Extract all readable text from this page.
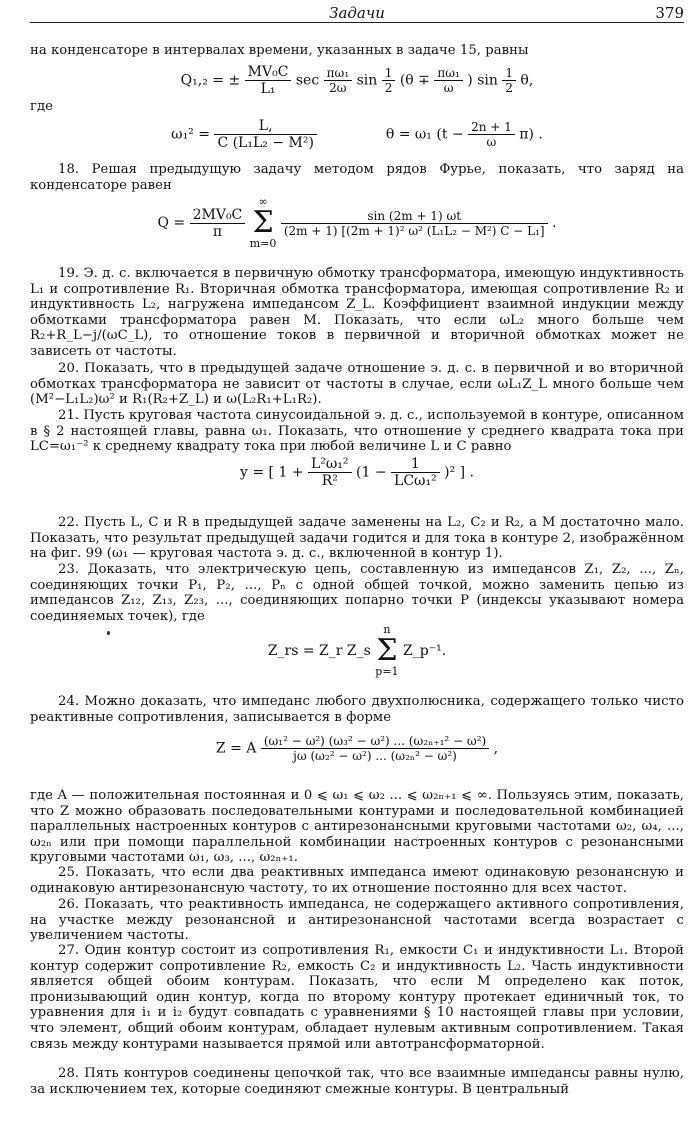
Задачи	379

на конденсаторе в интервалах времени, указанных в задаче 15, равны

Q₁,₂ = ± $\frac{\text{MV₀C}}{\text{L₁}}$ $\sec \frac{\text{πω₁}}{2\omega}$ $\sin \frac{1}{2} (\theta \mp \frac{\text{πω₁}}{\omega}$ ) $\sin \frac{1}{2} \theta$,

где

$\omega_1^2 = \frac{L,}{\text{C (L₁L₂ − M²)}}$	θ = ω₁ $(t - \frac{2n + 1}{\omega} \pi)$ .

18. Решая предыдущую задачу методом рядов Фурье, показать, что заряд на конденсаторе равен

$Q = \frac{\text{2MV₀C}}{\pi}$
∞
Σ
m=0
$\frac{\sin (2m + 1) \omega t}{\text{(2m + 1) [(2m + 1)² ω² (L₁L₂ − M²) C − L₁]}}$ .

19. Э. д. с. включается в первичную обмотку трансформатора, имеющую индуктивность L₁ и сопротивление R₁. Вторичная обмотка трансформатора, имеющая сопротивление R₂ и индуктивность L₂, нагружена импедансом Z_L. Коэффициент взаимной индукции между обмотками трансформатора равен M. Показать, что если ωL₂ много больше чем R₂+R_L−j/(ωC_L), то отношение токов в первичной и вторичной обмотках может не зависеть от частоты.

20. Показать, что в предыдущей задаче отношение э. д. с. в первичной и во вторичной обмотках трансформатора не зависит от частоты в случае, если ωL₁Z_L много больше чем (M²−L₁L₂)ω² и R₁(R₂+Z_L) и ω(L₂R₁+L₁R₂).

21. Пусть круговая частота синусоидальной э. д. с., используемой в контуре, описанном в § 2 настоящей главы, равна ω₁. Показать, что отношение y среднего квадрата тока при LC=ω₁⁻² к среднему квадрату тока при любой величине L и C равно

y = [ $1 + \frac{\text{L²ω₁²}}{\text{R²}} (1 - \frac{1}{\text{LCω₁²}} )^2$ ] .

22. Пусть L, C и R в предыдущей задаче заменены на L₂, C₂ и R₂, а M достаточно мало. Показать, что результат предыдущей задачи годится и для тока в контуре 2, изображённом на фиг. 99 (ω₁ — круговая частота э. д. с., включенной в контур 1).

23. Доказать, что электрическую цепь, составленную из импедансов Z₁, Z₂, ..., Zₙ, соединяющих точки P₁, P₂, ..., Pₙ с одной общей точкой, можно заменить цепью из импедансов Z₁₂, Z₁₃, Z₂₃, ..., соединяющих попарно точки P (индексы указывают номера соединяемых точек), где

Z_rs = Z_r Z_s n
Σ
p=1 Z_p⁻¹.

24. Можно доказать, что импеданс любого двухполюсника, содержащего только чисто реактивные сопротивления, записывается в форме

Z = A $\frac{\text{(ω₁² − ω²) (ω₃² − ω²) ... (ω₂ₙ₊₁² − ω²)}}{\text{jω (ω₂² − ω²) ... (ω₂ₙ² − ω²)}}$ ,

где A — положительная постоянная и 0 ⩽ ω₁ ⩽ ω₂ ... ⩽ ω₂ₙ₊₁ ⩽ ∞. Пользуясь этим, показать, что Z можно образовать последовательными контурами и последовательной комбинацией параллельных настроенных контуров с антирезонансными круговыми частотами ω₂, ω₄, ..., ω₂ₙ или при помощи параллельной комбинации настроенных контуров с резонансными круговыми частотами ω₁, ω₃, ..., ω₂ₙ₊₁.

25. Показать, что если два реактивных импеданса имеют одинаковую резонансную и одинаковую антирезонансную частоту, то их отношение постоянно для всех частот.

26. Показать, что реактивность импеданса, не содержащего активного сопротивления, на участке между резонансной и антирезонансной частотами всегда возрастает с увеличением частоты.

27. Один контур состоит из сопротивления R₁, емкости C₁ и индуктивности L₁. Второй контур содержит сопротивление R₂, емкость C₂ и индуктивность L₂. Часть индуктивности является общей обоим контурам. Показать, что если M определено как поток, пронизывающий один контур, когда по второму контуру протекает единичный ток, то уравнения для i₁ и i₂ будут совпадать с уравнениями § 10 настоящей главы при условии, что элемент, общий обоим контурам, обладает нулевым активным сопротивлением. Такая связь между контурами называется прямой или автотрансформаторной.

28. Пять контуров соединены цепочкой так, что все взаимные импедансы равны нулю, за исключением тех, которые соединяют смежные контуры. В центральный
